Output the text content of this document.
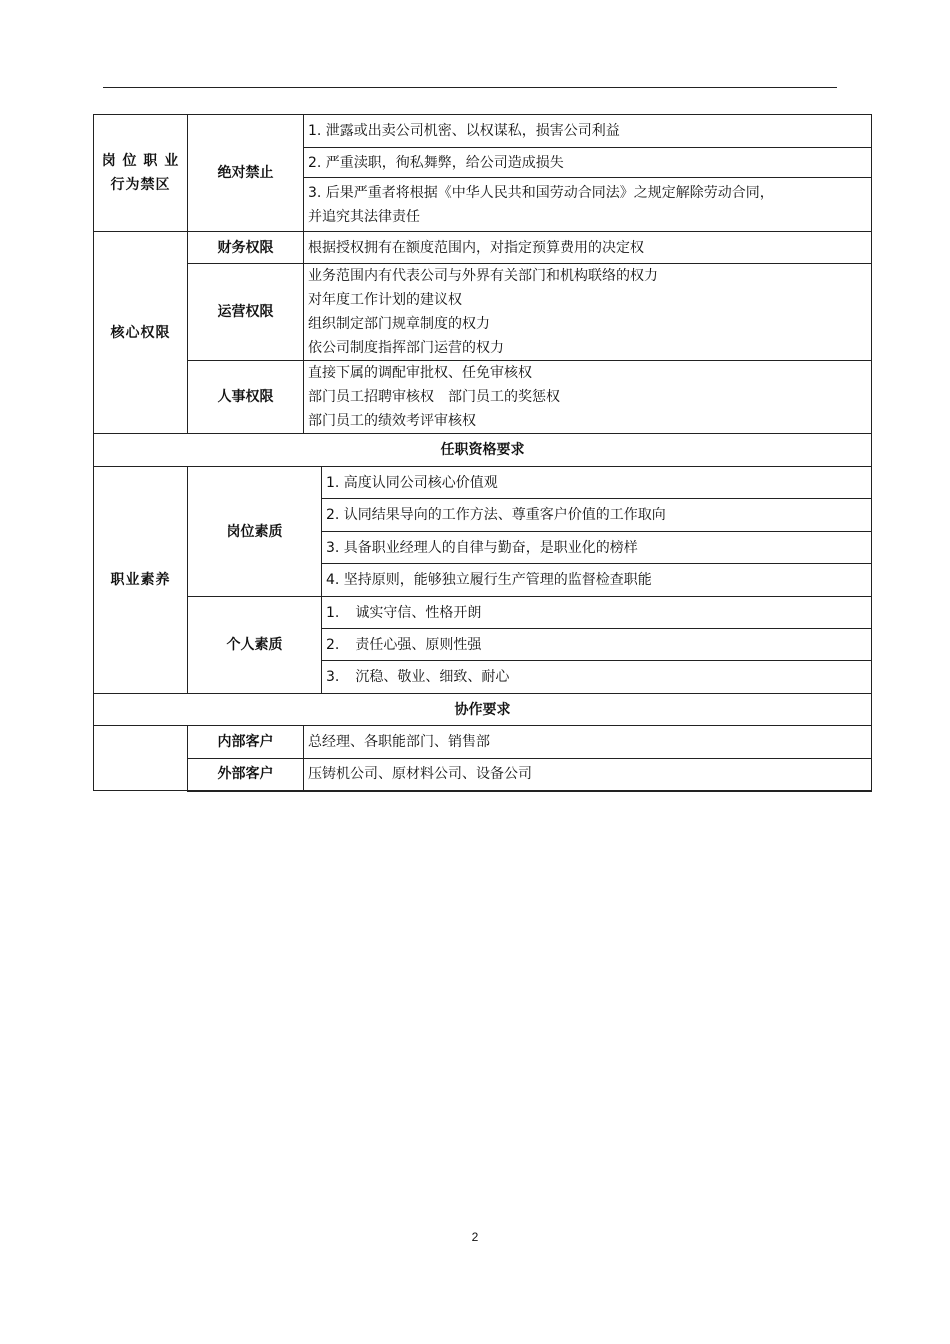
岗 位 职 业
行为禁区	绝对禁止	1. 泄露或出卖公司机密、以权谋私，损害公司利益	
		2. 严重渎职，徇私舞弊，给公司造成损失	

		3. 后果严重者将根据《中华人民共和国劳动合同法》之规定解除劳动合同，
并追究其法律责任	

核心权限	财务权限	根据授权拥有在额度范围内，对指定预算费用的决定权	
	运营权限	业务范围内有代表公司与外界有关部门和机构联络的权力
对年度工作计划的建议权
组织制定部门规章制度的权力
依公司制度指挥部门运营的权力	

	人事权限	直接下属的调配审批权、任免审核权
部门员工招聘审核权　部门员工的奖惩权
部门员工的绩效考评审核权	

任职资格要求			
职业素养	岗位素质		1. 高度认同公司核心价值观
			2. 认同结果导向的工作方法、尊重客户价值的工作取向
			3. 具备职业经理人的自律与勤奋，是职业化的榜样
			4. 坚持原则，能够独立履行生产管理的监督检查职能
	个人素质		1. 诚实守信、性格开朗
			2. 责任心强、原则性强
			3. 沉稳、敬业、细致、耐心
协作要求			
	内部客户	总经理、各职能部门、销售部	
	外部客户	压铸机公司、原材料公司、设备公司	
2
